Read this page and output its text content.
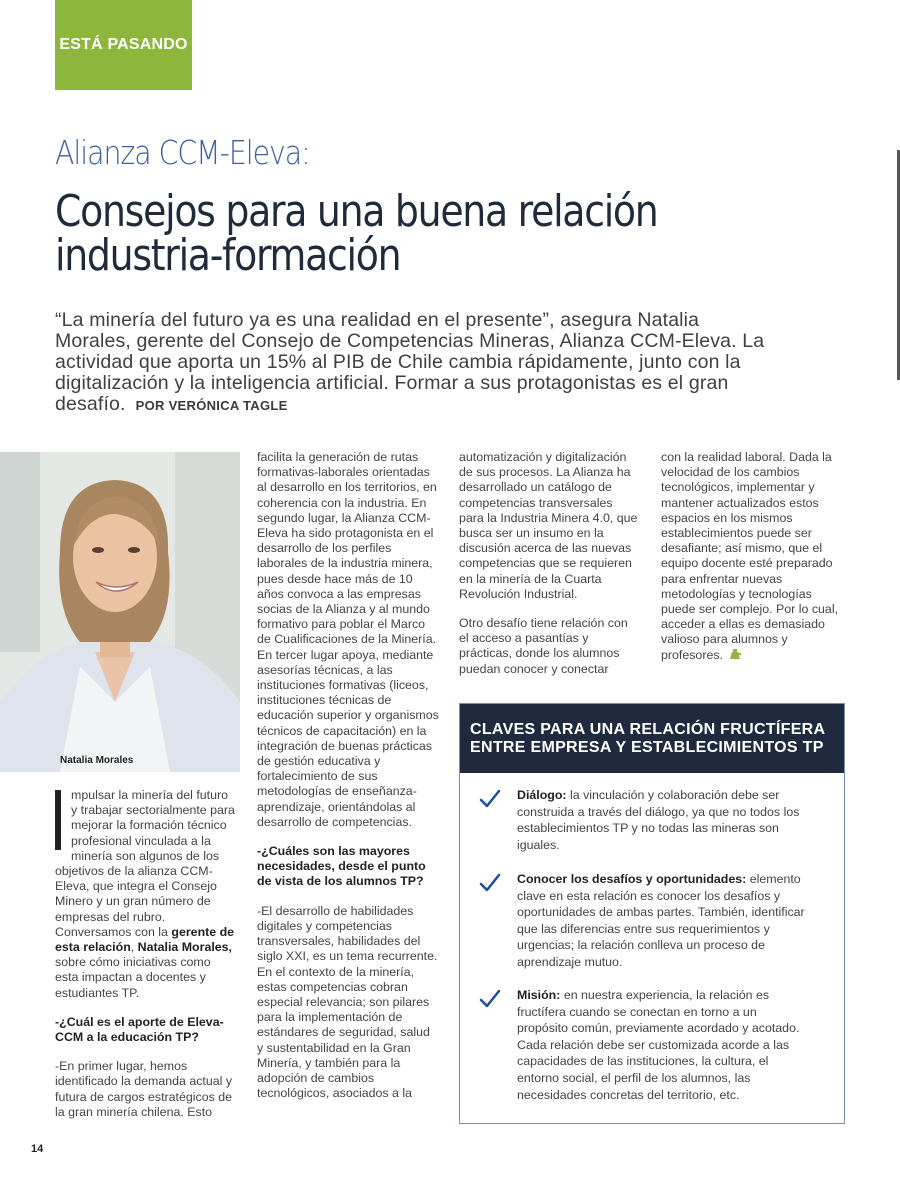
ESTÁ PASANDO
Alianza CCM-Eleva:
Consejos para una buena relación
industria-formación
“La minería del futuro ya es una realidad en el presente”, asegura Natalia Morales, gerente del Consejo de Competencias Mineras, Alianza CCM-Eleva. La actividad que aporta un 15% al PIB de Chile cambia rápidamente, junto con la digitalización y la inteligencia artificial. Formar a sus protagonistas es el gran desafío. POR VERÓNICA TAGLE
Natalia Morales

mpulsar la minería del futuro y trabajar sectorialmente para mejorar la formación técnico profesional vinculada a la minería son algunos de los objetivos de la alianza CCM-Eleva, que integra el Consejo Minero y un gran número de empresas del rubro. Conversamos con la gerente de esta relación, Natalia Morales, sobre cómo iniciativas como esta impactan a docentes y estudiantes TP.

-¿Cuál es el aporte de Eleva-CCM a la educación TP?

-En primer lugar, hemos identificado la demanda actual y futura de cargos estratégicos de la gran minería chilena. Esto

facilita la generación de rutas formativas-laborales orientadas al desarrollo en los territorios, en coherencia con la industria. En segundo lugar, la Alianza CCM-Eleva ha sido protagonista en el desarrollo de los perfiles laborales de la industria minera, pues desde hace más de 10 años convoca a las empresas socias de la Alianza y al mundo formativo para poblar el Marco de Cualificaciones de la Minería. En tercer lugar apoya, mediante asesorías técnicas, a las instituciones formativas (liceos, instituciones técnicas de educación superior y organismos técnicos de capacitación) en la integración de buenas prácticas de gestión educativa y fortalecimiento de sus metodologías de enseñanza-aprendizaje, orientándolas al desarrollo de competencias.

-¿Cuáles son las mayores necesidades, desde el punto de vista de los alumnos TP?

-El desarrollo de habilidades digitales y competencias transversales, habilidades del siglo XXI, es un tema recurrente. En el contexto de la minería, estas competencias cobran especial relevancia; son pilares para la implementación de estándares de seguridad, salud y sustentabilidad en la Gran Minería, y también para la adopción de cambios tecnológicos, asociados a la

automatización y digitalización de sus procesos. La Alianza ha desarrollado un catálogo de competencias transversales para la Industria Minera 4.0, que busca ser un insumo en la discusión acerca de las nuevas competencias que se requieren en la minería de la Cuarta Revolución Industrial.

Otro desafío tiene relación con el acceso a pasantías y prácticas, donde los alumnos puedan conocer y conectar

con la realidad laboral. Dada la velocidad de los cambios tecnológicos, implementar y mantener actualizados estos espacios en los mismos establecimientos puede ser desafiante; así mismo, que el equipo docente esté preparado para enfrentar nuevas metodologías y tecnologías puede ser complejo. Por lo cual, acceder a ellas es demasiado valioso para alumnos y profesores.

CLAVES PARA UNA RELACIÓN FRUCTÍFERA ENTRE EMPRESA Y ESTABLECIMIENTOS TP
Diálogo: la vinculación y colaboración debe ser construida a través del diálogo, ya que no todos los establecimientos TP y no todas las mineras son iguales.
Conocer los desafíos y oportunidades: elemento clave en esta relación es conocer los desafíos y oportunidades de ambas partes. También, identificar que las diferencias entre sus requerimientos y urgencias; la relación conlleva un proceso de aprendizaje mutuo.
Misión: en nuestra experiencia, la relación es fructífera cuando se conectan en torno a un propósito común, previamente acordado y acotado. Cada relación debe ser customizada acorde a las capacidades de las instituciones, la cultura, el entorno social, el perfil de los alumnos, las necesidades concretas del territorio, etc.
14
